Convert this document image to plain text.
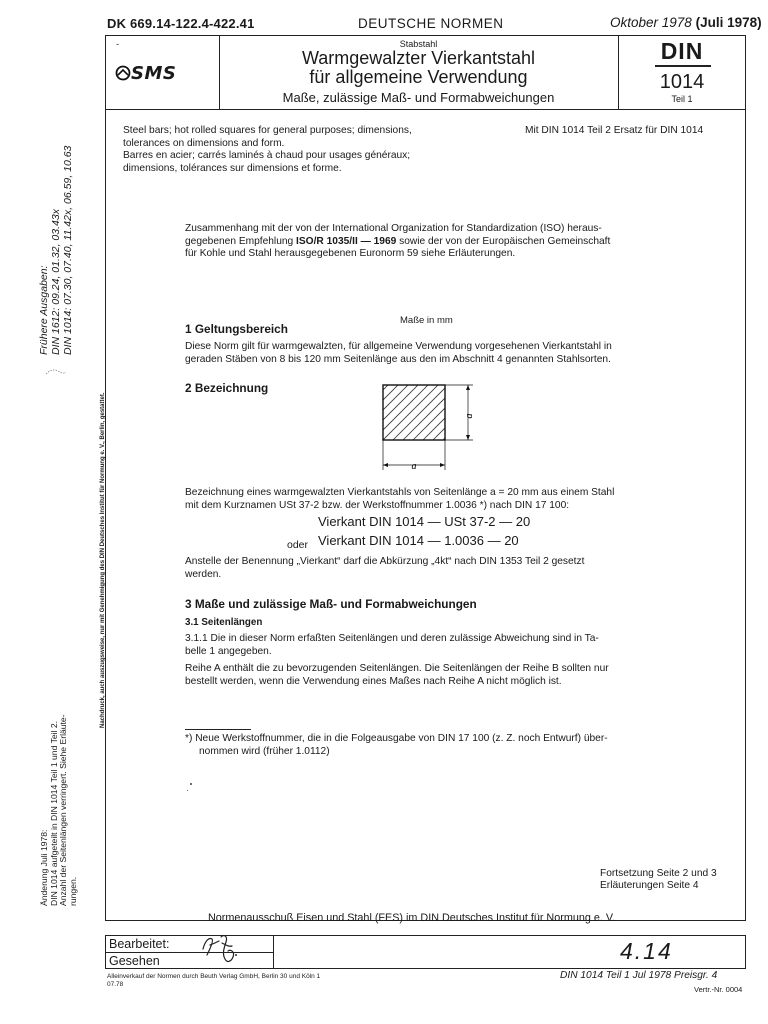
DK 669.14-122.4-422.41	DEUTSCHE NORMEN	Oktober 1978 (Juli 1978)
-
SMS
Stabstahl
Warmgewalzter Vierkantstahl
für allgemeine Verwendung
Maße, zulässige Maß- und Formabweichungen
DIN
1014
Teil 1
Frühere Ausgaben: DIN 1612: 09.24, 01.32, 03.43x DIN 1014: 07.30, 07.40, 11.42x, 06.59, 10.63
Nachdruck, auch auszugsweise, nur mit Genehmigung des DIN Deutsches Institut für Normung e. V., Berlin, gestattet.
Änderung Juli 1978: DIN 1014 aufgeteilt in DIN 1014 Teil 1 und Teil 2. Anzahl der Seitenlängen verringert. Siehe Erläute- rungen.
Steel bars; hot rolled squares for general purposes; dimensions,
tolerances on dimensions and form.
Barres en acier; carrés laminés à chaud pour usages généraux;
dimensions, tolérances sur dimensions et forme.
Mit DIN 1014 Teil 2 Ersatz für DIN 1014
Zusammenhang mit der von der International Organization for Standardization (ISO) heraus-
gegebenen Empfehlung ISO/R 1035/II — 1969 sowie der von der Europäischen Gemeinschaft
für Kohle und Stahl herausgegebenen Euronorm 59 siehe Erläuterungen.
Maße in mm
1 Geltungsbereich
Diese Norm gilt für warmgewalzten, für allgemeine Verwendung vorgesehenen Vierkantstahl in
geraden Stäben von 8 bis 120 mm Seitenlänge aus den im Abschnitt 4 genannten Stahlsorten.
2 Bezeichnung
a
a
Bezeichnung eines warmgewalzten Vierkantstahls von Seitenlänge a = 20 mm aus einem Stahl
mit dem Kurznamen USt 37-2 bzw. der Werkstoffnummer 1.0036 *) nach DIN 17 100:
Vierkant DIN 1014 — USt 37-2 — 20
oder Vierkant DIN 1014 — 1.0036 — 20
Anstelle der Benennung „Vierkant“ darf die Abkürzung „4kt“ nach DIN 1353 Teil 2 gesetzt
werden.
3 Maße und zulässige Maß- und Formabweichungen
3.1 Seitenlängen
3.1.1 Die in dieser Norm erfaßten Seitenlängen und deren zulässige Abweichung sind in Ta-
belle 1 angegeben.
Reihe A enthält die zu bevorzugenden Seitenlängen. Die Seitenlängen der Reihe B sollten nur
bestellt werden, wenn die Verwendung eines Maßes nach Reihe A nicht möglich ist.
*) Neue Werkstoffnummer, die in die Folgeausgabe von DIN 17 100 (z. Z. noch Entwurf) über-
nommen wird (früher 1.0112)
Fortsetzung Seite 2 und 3
Erläuterungen Seite 4
Normenausschuß Eisen und Stahl (FES) im DIN Deutsches Institut für Normung e. V.
Bearbeitet:
Gesehen	4.14
Alleinverkauf der Normen durch Beuth Verlag GmbH, Berlin 30 und Köln 1
07.78
DIN 1014 Teil 1 Jul 1978 Preisgr. 4
Vertr.-Nr. 0004
